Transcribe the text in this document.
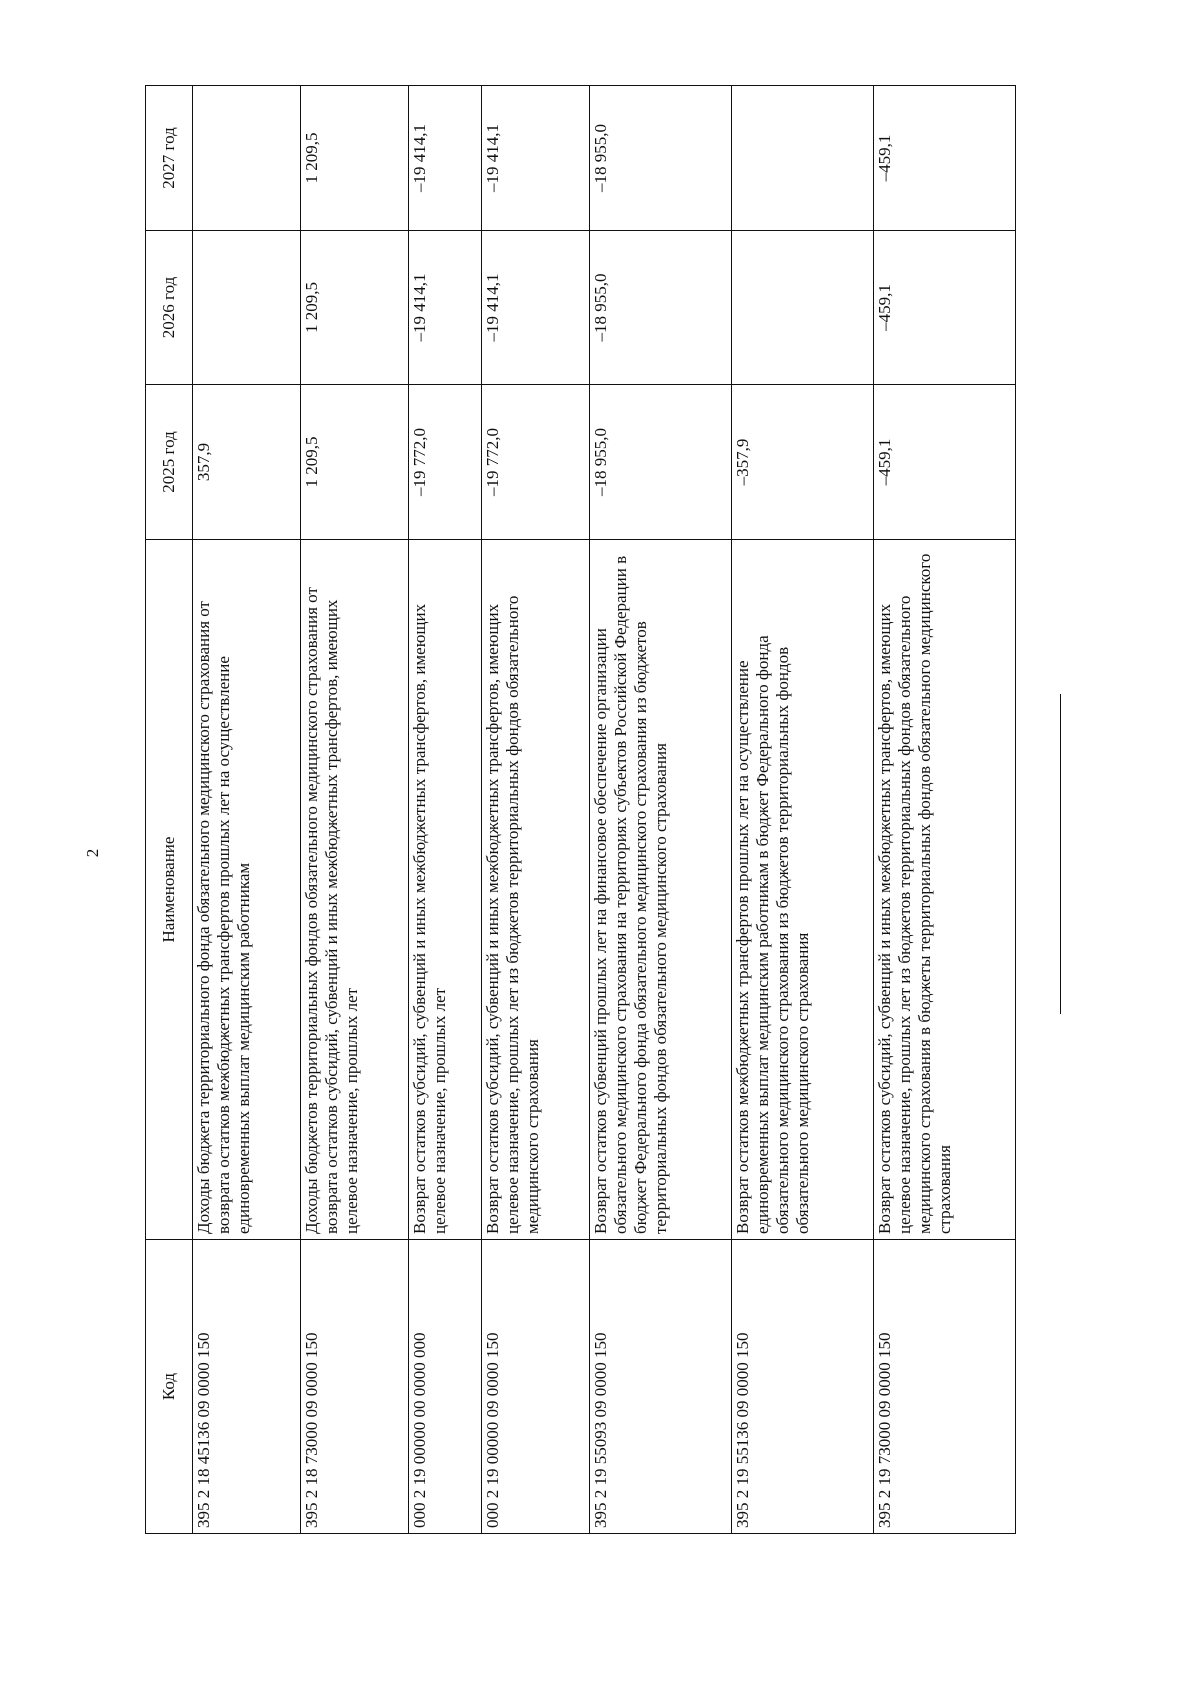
2
Код	Наименование	2025 год	2026 год	2027 год
395 2 18 45136 09 0000 150	Доходы бюджета территориального фонда обязательного медицинского страхования от возврата остатков межбюджетных трансфертов прошлых лет на осуществление единовременных выплат медицинским работникам	357,9		
395 2 18 73000 09 0000 150	Доходы бюджетов территориальных фондов обязательного медицинского страхования от возврата остатков субсидий, субвенций и иных межбюджетных трансфертов, имеющих целевое назначение, прошлых лет	1 209,5	1 209,5	1 209,5
000 2 19 00000 00 0000 000	Возврат остатков субсидий, субвенций и иных межбюджетных трансфертов, имеющих целевое назначение, прошлых лет	–19 772,0	–19 414,1	–19 414,1
000 2 19 00000 09 0000 150	Возврат остатков субсидий, субвенций и иных межбюджетных трансфертов, имеющих целевое назначение, прошлых лет из бюджетов территориальных фондов обязательного медицинского страхования	–19 772,0	–19 414,1	–19 414,1
395 2 19 55093 09 0000 150	Возврат остатков субвенций прошлых лет на финансовое обеспечение организации обязательного медицинского страхования на территориях субъектов Российской Федерации в бюджет Федерального фонда обязательного медицинского страхования из бюджетов территориальных фондов обязательного медицинского страхования	–18 955,0	–18 955,0	–18 955,0
395 2 19 55136 09 0000 150	Возврат остатков межбюджетных трансфертов прошлых лет на осуществление единовременных выплат медицинским работникам в бюджет Федерального фонда обязательного медицинского страхования из бюджетов территориальных фондов обязательного медицинского страхования	–357,9		
395 2 19 73000 09 0000 150	Возврат остатков субсидий, субвенций и иных межбюджетных трансфертов, имеющих целевое назначение, прошлых лет из бюджетов территориальных фондов обязательного медицинского страхования в бюджеты территориальных фондов обязательного медицинского страхования	–459,1	–459,1	–459,1
